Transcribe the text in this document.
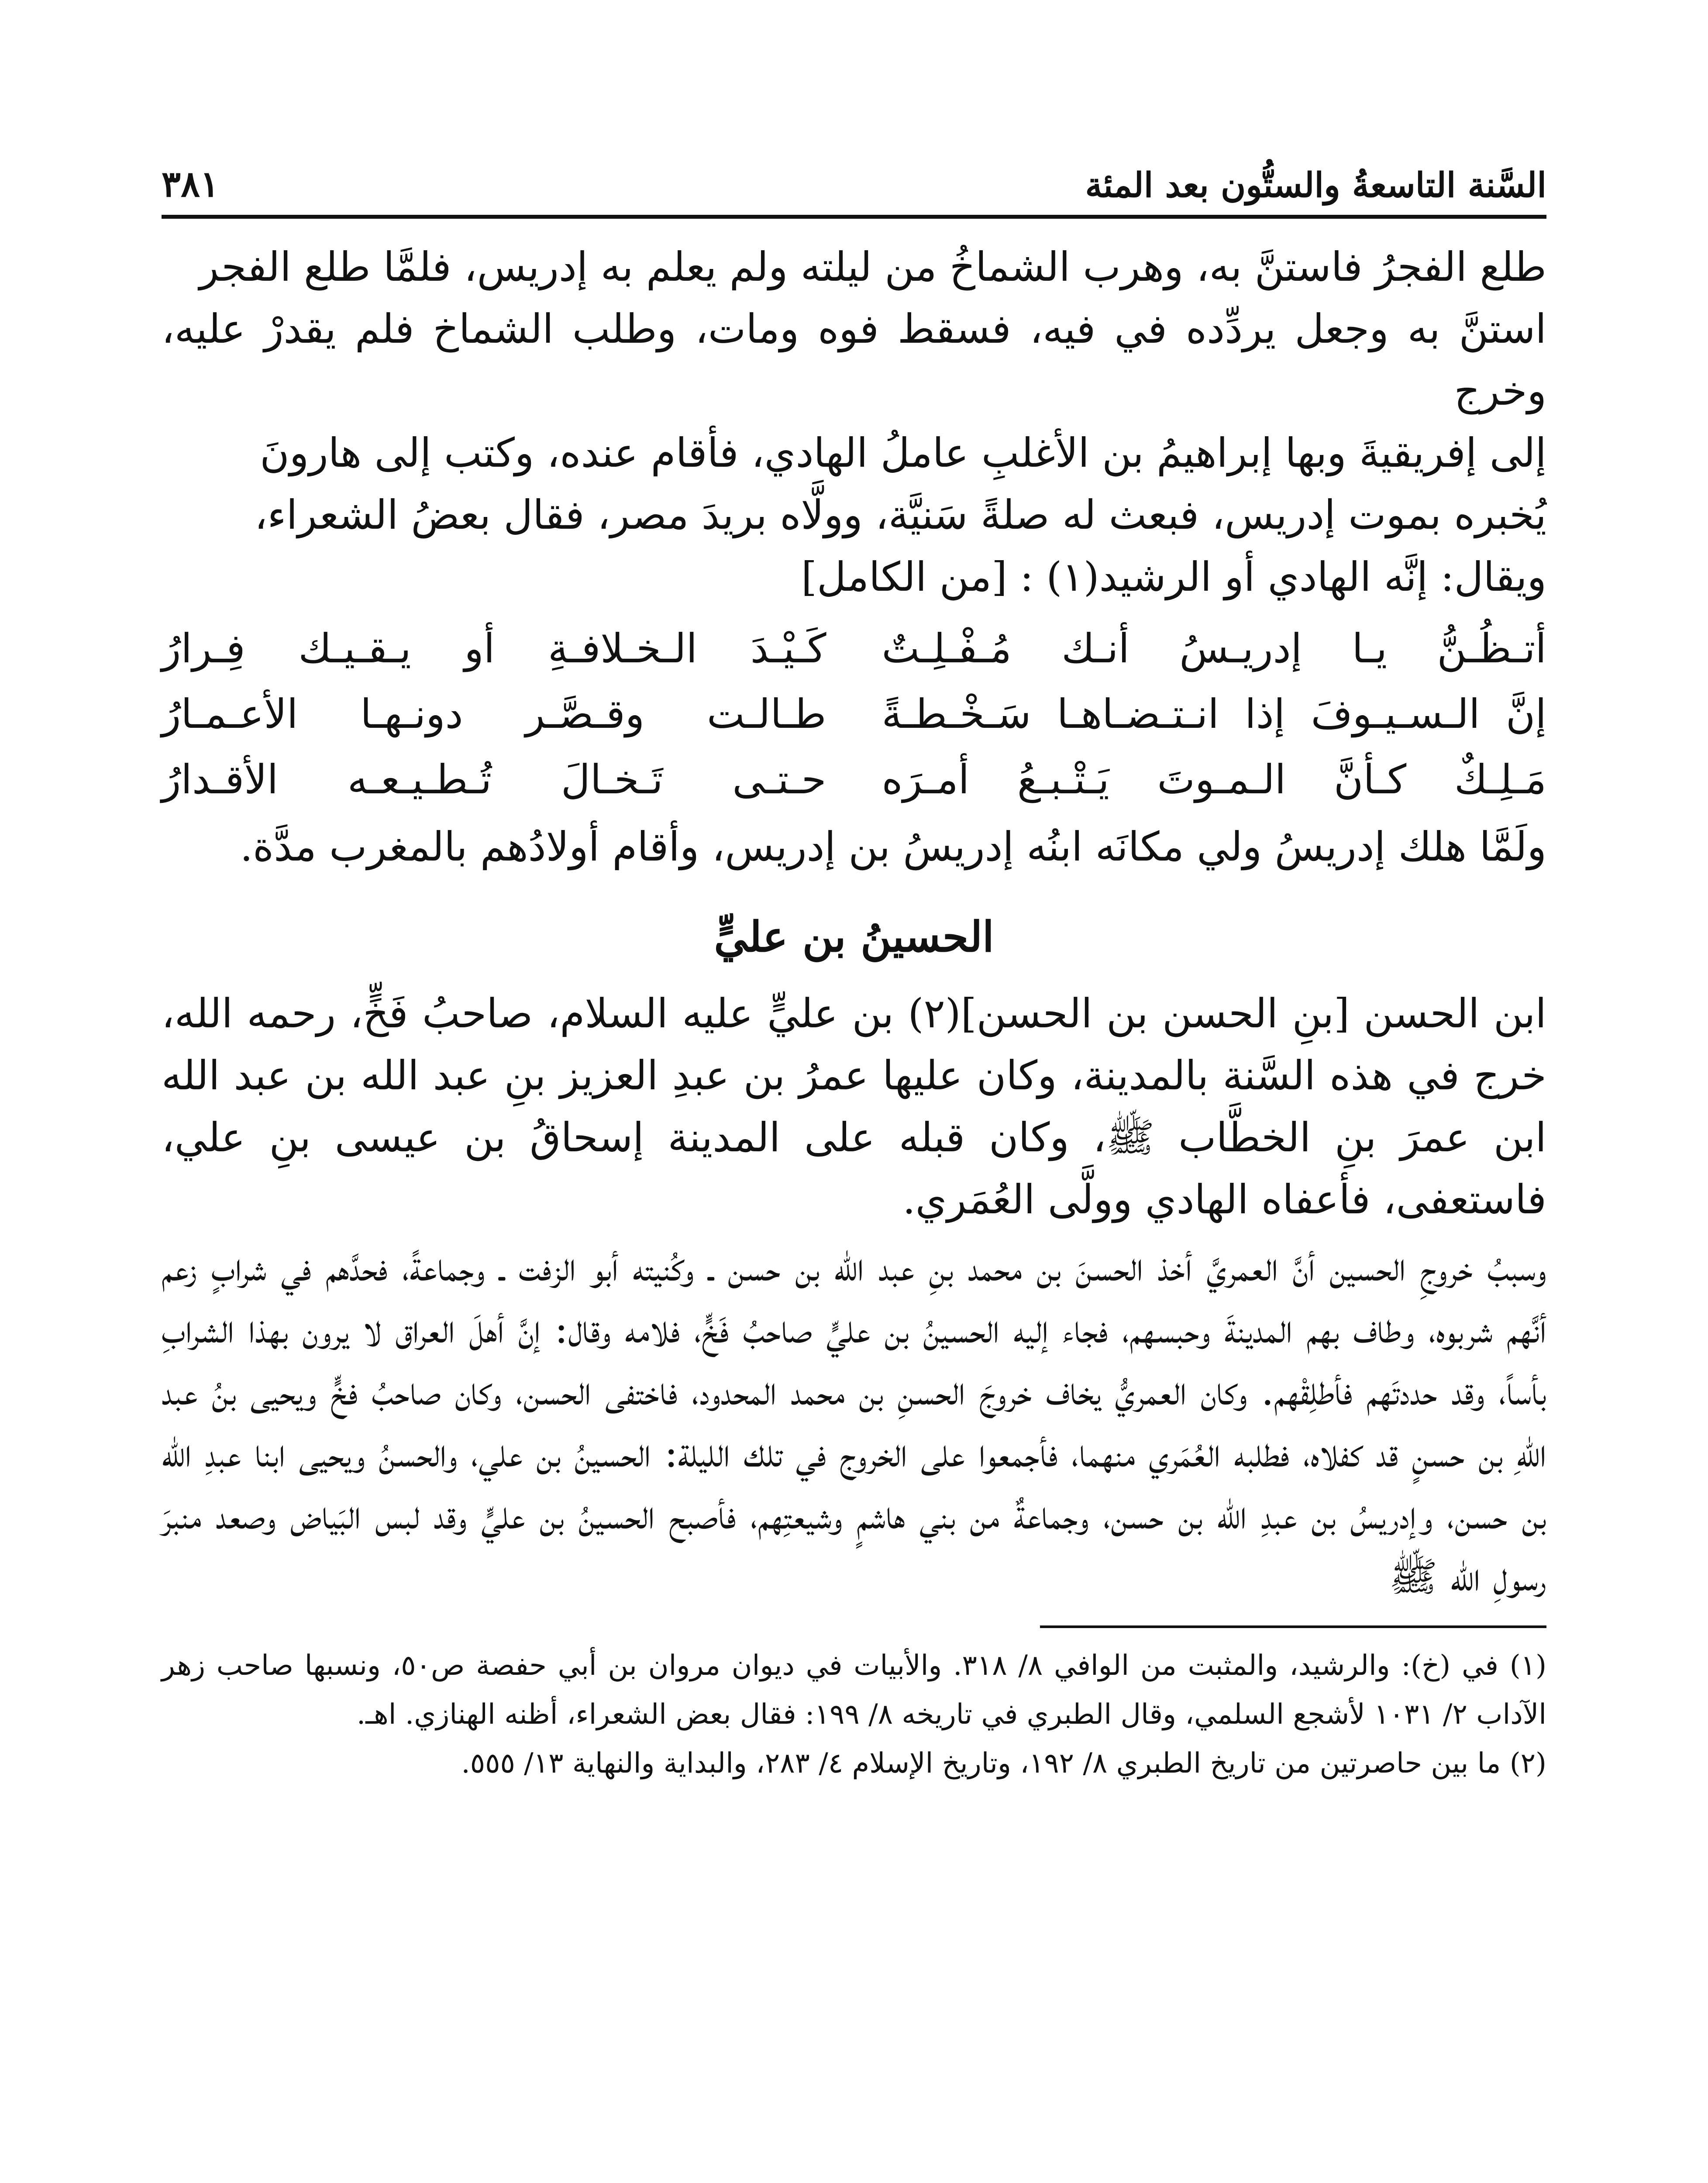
السَّنة التاسعةُ والستُّون بعد المئة
٣٨١

طلع الفجرُ فاستنَّ به، وهرب الشماخُ من ليلته ولم يعلم به إدريس، فلمَّا طلع الفجر

استنَّ به وجعل يردِّده في فيه، فسقط فوه ومات، وطلب الشماخ فلم يقدرْ عليه، وخرج

إلى إفريقيةَ وبها إبراهيمُ بن الأغلبِ عاملُ الهادي، فأقام عنده، وكتب إلى هارونَ

يُخبره بموت إدريس، فبعث له صلةً سَنيَّة، وولَّاه بريدَ مصر، فقال بعضُ الشعراء،

ويقال: إنَّه الهادي أو الرشيد(١) : [من الكامل]

أتـظُـنُّ يـا إدريـسُ أنـك مُـفْـلِـتٌ
كَـيْـدَ الـخـلافـةِ أو يـقـيـك فِـرارُ
إنَّ الـسـيـوفَ إذا انـتـضـاهـا سَـخْـطـةً
طـالـت وقـصَّـر دونـهـا الأعـمـارُ
مَـلِـكٌ كـأنَّ الـمـوتَ يَـتْـبـعُ أمـرَه
حـتـى تَـخـالَ تُـطـيـعـه الأقـدارُ

ولَمَّا هلك إدريسُ ولي مكانَه ابنُه إدريسُ بن إدريس، وأقام أولادُهم بالمغرب مدَّة.

الحسينُ بن عليٍّ

ابن الحسن [بنِ الحسن بن الحسن](٢) بن عليٍّ عليه السلام، صاحبُ فَخٍّ، رحمه الله، خرج في هذه السَّنة بالمدينة، وكان عليها عمرُ بن عبدِ العزيز بنِ عبد الله بن عبد الله ابن عمرَ بنِ الخطَّاب ﷺ، وكان قبله على المدينة إسحاقُ بن عيسى بنِ علي، فاستعفى، فأعفاه الهادي وولَّى العُمَري.

وسببُ خروجِ الحسين أنَّ العمريَّ أخذ الحسنَ بن محمد بنِ عبد الله بن حسن ـ وكُنيته أبو الزفت ـ وجماعةً، فحدَّهم في شرابٍ زعم أنَّهم شربوه، وطاف بهم المدينةَ وحبسهم، فجاء إليه الحسينُ بن عليٍّ صاحبُ فَخٍّ، فلامه وقال: إنَّ أهلَ العراق لا يرون بهذا الشرابِ بأساً، وقد حددتَهم فأطلِقْهم. وكان العمريُّ يخاف خروجَ الحسنِ بن محمد المحدود، فاختفى الحسن، وكان صاحبُ فخٍّ ويحيى بنُ عبد اللهِ بن حسنٍ قد كفلاه، فطلبه العُمَري منهما، فأجمعوا على الخروج في تلك الليلة: الحسينُ بن علي، والحسنُ ويحيى ابنا عبدِ الله بن حسن، وإدريسُ بن عبدِ الله بن حسن، وجماعةٌ من بني هاشمٍ وشيعتِهم، فأصبح الحسينُ بن عليٍّ وقد لبس البَياض وصعد منبرَ رسولِ الله ﷺ

(١) في (خ): والرشيد، والمثبت من الوافي ٨/ ٣١٨. والأبيات في ديوان مروان بن أبي حفصة ص٥٠، ونسبها صاحب زهر الآداب ٢/ ١٠٣١ لأشجع السلمي، وقال الطبري في تاريخه ٨/ ١٩٩: فقال بعض الشعراء، أظنه الهنازي. اهـ.

(٢) ما بين حاصرتين من تاريخ الطبري ٨/ ١٩٢، وتاريخ الإسلام ٤/ ٢٨٣، والبداية والنهاية ١٣/ ٥٥٥.
